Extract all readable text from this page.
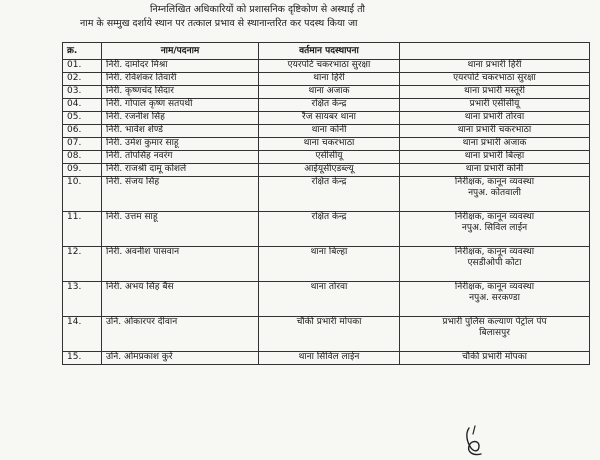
निम्नलिखित अधिकारियों को प्रशासनिक दृष्टिकोण से अस्थाई तौ
नाम के सम्मुख दर्शाये स्थान पर तत्काल प्रभाव से स्थानान्तरित कर पदस्थ किया जा
क्र.	नाम/पदनाम	वर्तमान पदस्थापना	

01.	निरी. दामोदर मिश्रा	एयरपोर्ट चकरभाठा सुरक्षा	थाना प्रभारी हिर्री

02.	निरी. रविशंकर तिवारी	थाना हिर्री	एयरपोर्ट चकरभाठा सुरक्षा

03.	निरी. कृष्णचंद सिदार	थाना अजाक	थाना प्रभारी मस्तूरी

04.	निरी. गोपाल कृष्ण सतपथी	रक्षित केन्द्र	प्रभारी एसीसीयू

05.	निरी. रजनीश सिंह	रैंज सायबर थाना	थाना प्रभारी तोरवा

06.	निरी. भावेश शेण्डे	थाना कोनी	थाना प्रभारी चकरभाठा

07.	निरी. उमेश कुमार साहू	थाना चकरभाठा	थाना प्रभारी अजाक

08.	निरी. तोपसिंह नवरंग	एसीसीयू	थाना प्रभारी बिल्हा

09.	निरी. राजश्री दामू कोशले	आईयूसीएडब्ल्यू	थाना प्रभारी कोनी

10.	निरी. संजय सिंह	रक्षित केन्द्र	निरीक्षक, कानून व्यवस्था
नपुअ. कोतवाली

11.	निरी. उत्तम साहू	रक्षित केन्द्र	निरीक्षक, कानून व्यवस्था
नपुअ. सिविल लाईन

12.	निरी. अवनीश पासवान	थाना बिल्हा	निरीक्षक, कानून व्यवस्था
एसडीओपी कोटा

13.	निरी. अभय सिंह बैस	थाना तोरवा	निरीक्षक, कानून व्यवस्था
नपुअ. सरकण्डा

14.	उनि. ओंकारपर दीवान	चौकी प्रभारी मोपका	प्रभारी पुलिस कल्याण पेट्रोल पंप
बिलासपुर

15.	उनि. ओमप्रकाश कुर्रे	थाना सिविल लाईन	चौकी प्रभारी मोपका
